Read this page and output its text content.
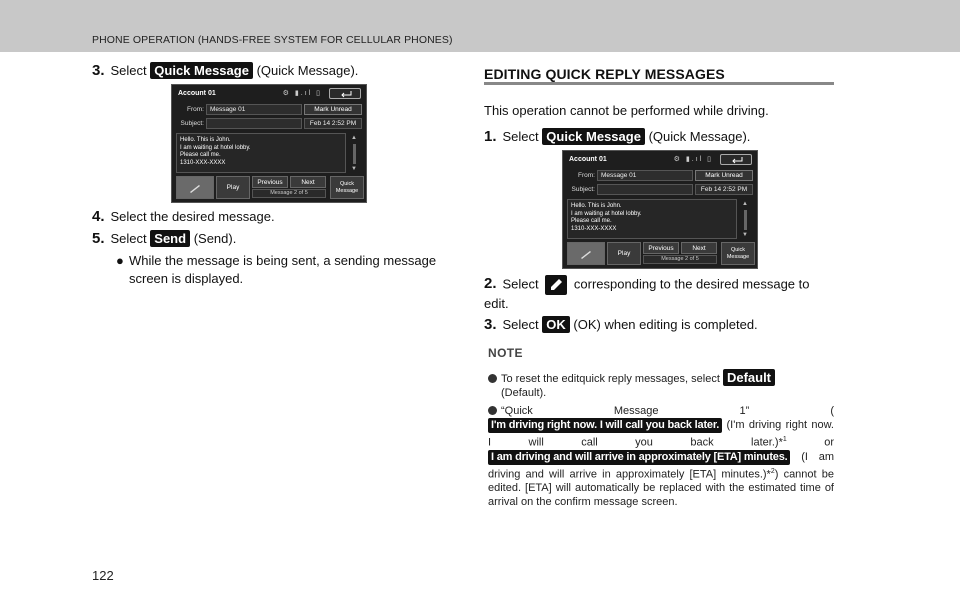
PHONE OPERATION (HANDS-FREE SYSTEM FOR CELLULAR PHONES)
3. Select Quick Message (Quick Message).
Account 01	⚙ ▮.ıl ▯
From: Message 01	Mark Unread
Subject:	Feb 14 2:52 PM
Hello. This is John.
I am waiting at hotel lobby.
Please call me.
1310-XXX-XXXX
▲
▼
Play
Previous	Next
Message 2 of 5
Quick
Message
4. Select the desired message.
5. Select Send (Send).
● While the message is being sent, a sending message screen is displayed.
EDITING QUICK REPLY MESSAGES
This operation cannot be performed while driving.
1. Select Quick Message (Quick Message).
Account 01	⚙ ▮.ıl ▯
From: Message 01	Mark Unread
Subject:	Feb 14 2:52 PM
Hello. This is John.
I am waiting at hotel lobby.
Please call me.
1310-XXX-XXXX
▲
▼
Play
Previous	Next
Message 2 of 5
Quick
Message
2. Select	corresponding to the desired message to edit.
3. Select OK (OK) when editing is completed.
NOTE
To reset the editquick reply messages, select Default
(Default).
“Quick Message 1” (I'm driving right now. I will call you back later. (I'm driving right now. I will call you back later.)*$^1$ or I am driving and will arrive in approximately [ETA] minutes. (I am driving and will arrive in approximately [ETA] minutes.)*$^2$) cannot be edited. [ETA] will automatically be replaced with the estimated time of arrival on the confirm message screen.
122
